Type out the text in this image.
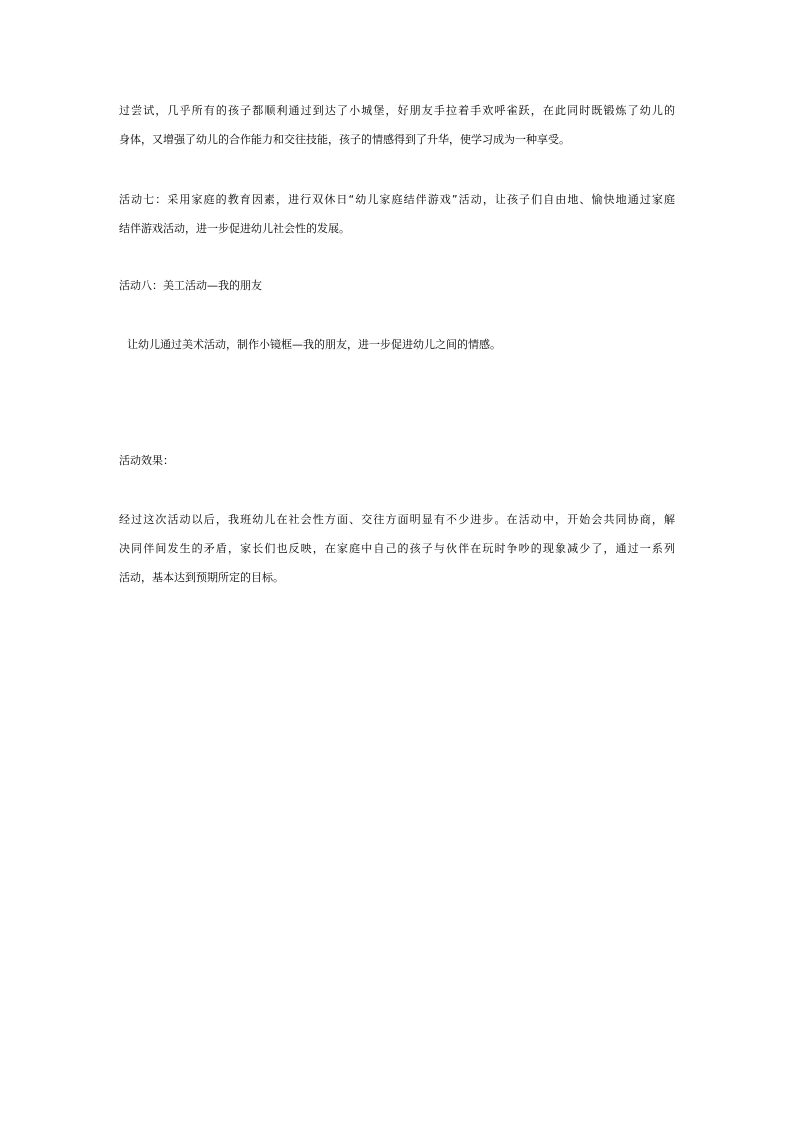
过尝试，几乎所有的孩子都顺利通过到达了小城堡，好朋友手拉着手欢呼雀跃，在此同时既锻炼了幼儿的
身体，又增强了幼儿的合作能力和交往技能，孩子的情感得到了升华，使学习成为一种享受。
活动七：采用家庭的教育因素，进行双休日“幼儿家庭结伴游戏”活动，让孩子们自由地、愉快地通过家庭
结伴游戏活动，进一步促进幼儿社会性的发展。
活动八：美工活动—我的朋友
让幼儿通过美术活动，制作小镜框—我的朋友，进一步促进幼儿之间的情感。
活动效果：
经过这次活动以后，我班幼儿在社会性方面、交往方面明显有不少进步。在活动中，开始会共同协商，解
决同伴间发生的矛盾，家长们也反映，在家庭中自己的孩子与伙伴在玩时争吵的现象减少了，通过一系列
活动，基本达到预期所定的目标。
